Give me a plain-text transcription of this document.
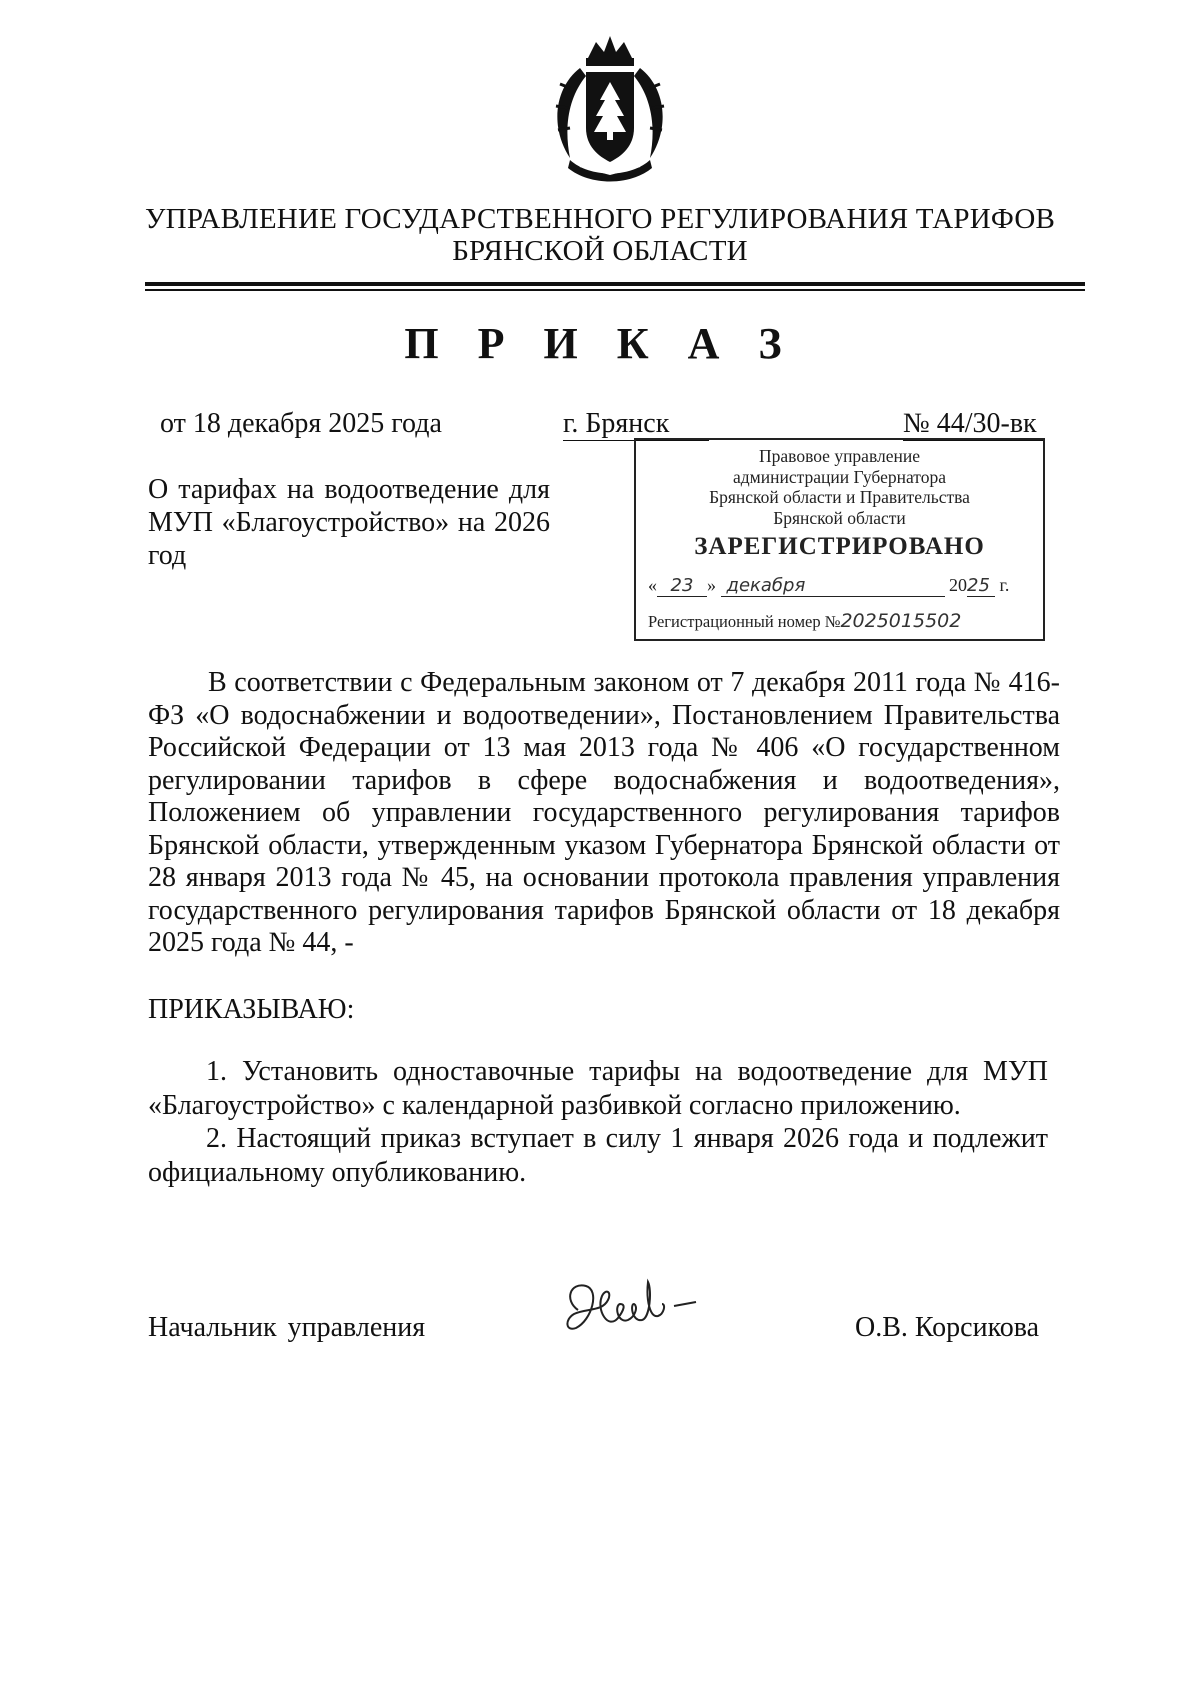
УПРАВЛЕНИЕ ГОСУДАРСТВЕННОГО РЕГУЛИРОВАНИЯ ТАРИФОВ
БРЯНСКОЙ ОБЛАСТИ
П Р И К А З
от 18 декабря 2025 года	г. Брянск	№ 44/30-вк
О тарифах на водоотведение для МУП «Благоустройство» на 2026 год
Правовое управление
администрации Губернатора
Брянской области и Правительства
Брянской области
ЗАРЕГИСТРИРОВАНО
« 23 » декабря	2025 г.
Регистрационный номер №2025015502
В соответствии с Федеральным законом от 7 декабря 2011 года № 416-ФЗ «О водоснабжении и водоотведении», Постановлением Правительства Российской Федерации от 13 мая 2013 года № 406 «О государственном регулировании тарифов в сфере водоснабжения и водоотведения», Положением об управлении государственного регулирования тарифов Брянской области, утвержденным указом Губернатора Брянской области от 28 января 2013 года № 45, на основании протокола правления управления государственного регулирования тарифов Брянской области от 18 декабря 2025 года № 44, -
ПРИКАЗЫВАЮ:
1. Установить одноставочные тарифы на водоотведение для МУП «Благоустройство» с календарной разбивкой согласно приложению.
2. Настоящий приказ вступает в силу 1 января 2026 года и подлежит официальному опубликованию.
Начальник управления	О.В. Корсикова
